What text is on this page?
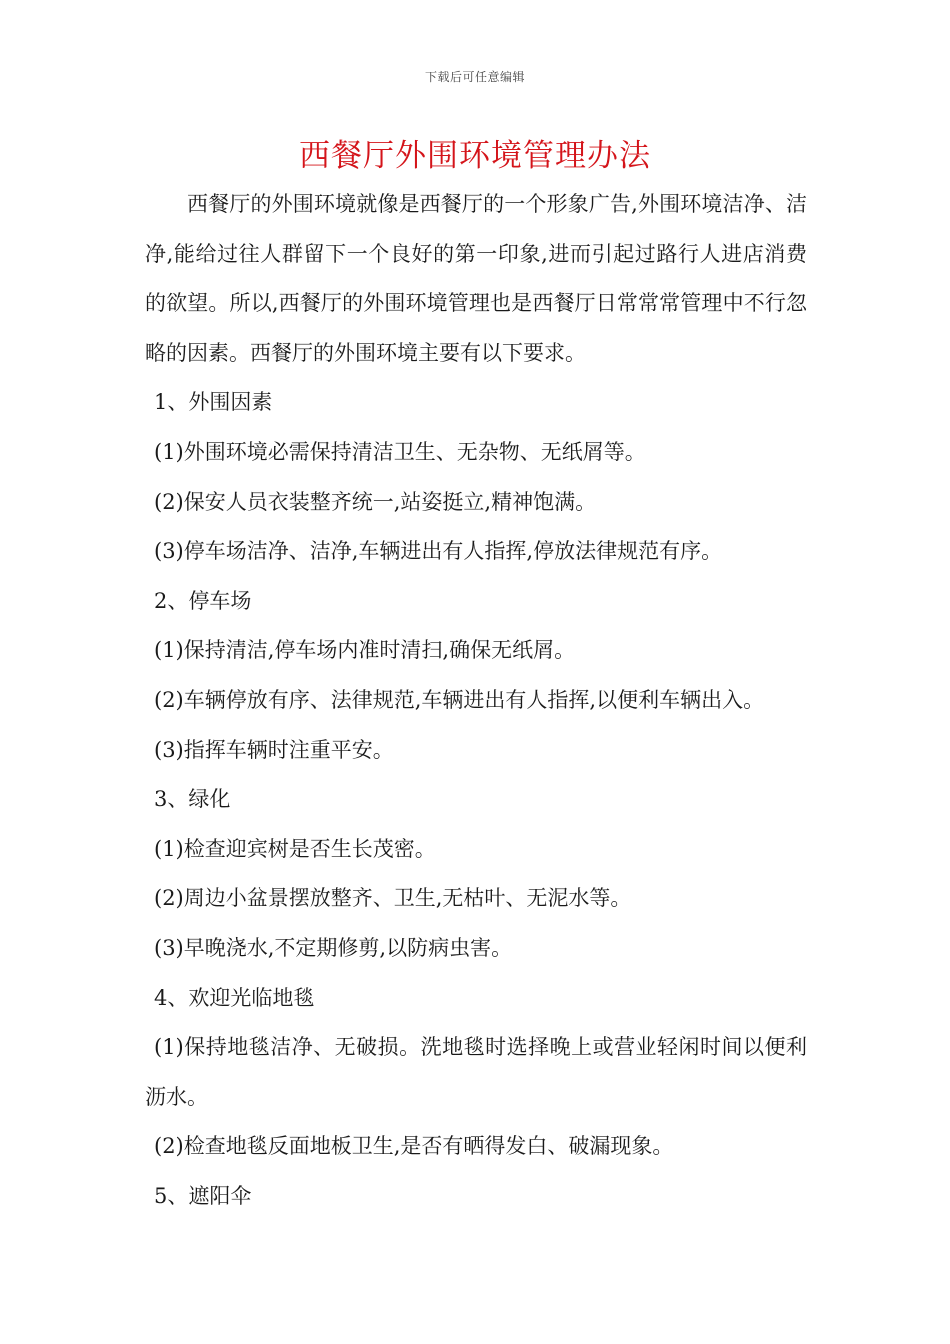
下载后可任意编辑
西餐厅外围环境管理办法

西餐厅的外围环境就像是西餐厅的一个形象广告,外围环境洁净、洁净,能给过往人群留下一个良好的第一印象,进而引起过路行人进店消费的欲望。所以,西餐厅的外围环境管理也是西餐厅日常常常管理中不行忽略的因素。西餐厅的外围环境主要有以下要求。

1、外围因素

(1)外围环境必需保持清洁卫生、无杂物、无纸屑等。

(2)保安人员衣装整齐统一,站姿挺立,精神饱满。

(3)停车场洁净、洁净,车辆进出有人指挥,停放法律规范有序。

2、停车场

(1)保持清洁,停车场内准时清扫,确保无纸屑。

(2)车辆停放有序、法律规范,车辆进出有人指挥,以便利车辆出入。

(3)指挥车辆时注重平安。

3、绿化

(1)检查迎宾树是否生长茂密。

(2)周边小盆景摆放整齐、卫生,无枯叶、无泥水等。

(3)早晚浇水,不定期修剪,以防病虫害。

4、欢迎光临地毯

(1)保持地毯洁净、无破损。洗地毯时选择晚上或营业轻闲时间以便利沥水。

(2)检查地毯反面地板卫生,是否有晒得发白、破漏现象。

5、遮阳伞
